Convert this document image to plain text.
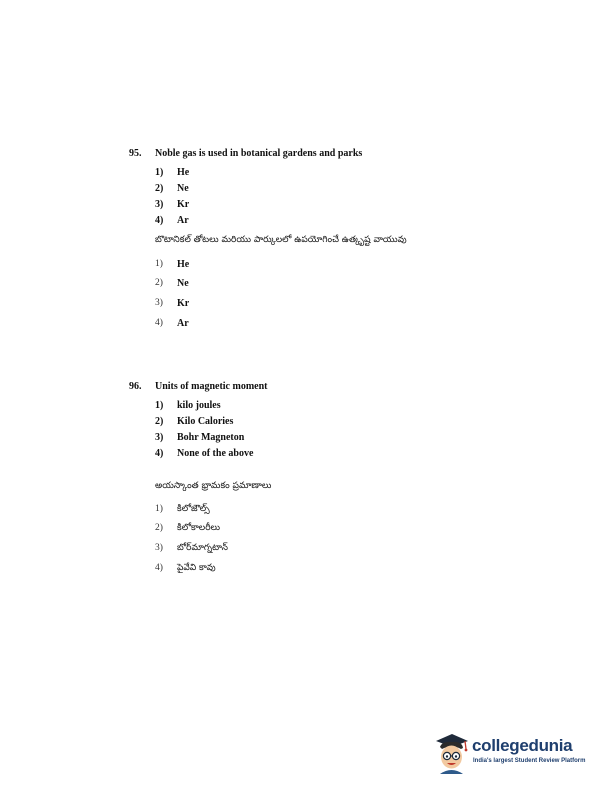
95. Noble gas is used in botanical gardens and parks
1)	He
2)	Ne
3)	Kr
4)	Ar
బొటానికల్ తోటలు మరియు పార్కులలో ఉపయోగించే ఉత్కృష్ట వాయువు
1)	He
2)	Ne
3)	Kr
4)	Ar
96. Units of magnetic moment
1)	kilo joules
2)	Kilo Calories
3)	Bohr Magneton
4)	None of the above
అయస్కాంత భ్రామకం ప్రమాణాలు
1)	కిలోజౌల్స్
2)	కిలోకాలరీలు
3)	బోర్‌మాగ్నటాన్
4)	పైవేవి కావు
collegedunia
India's largest Student Review Platform
